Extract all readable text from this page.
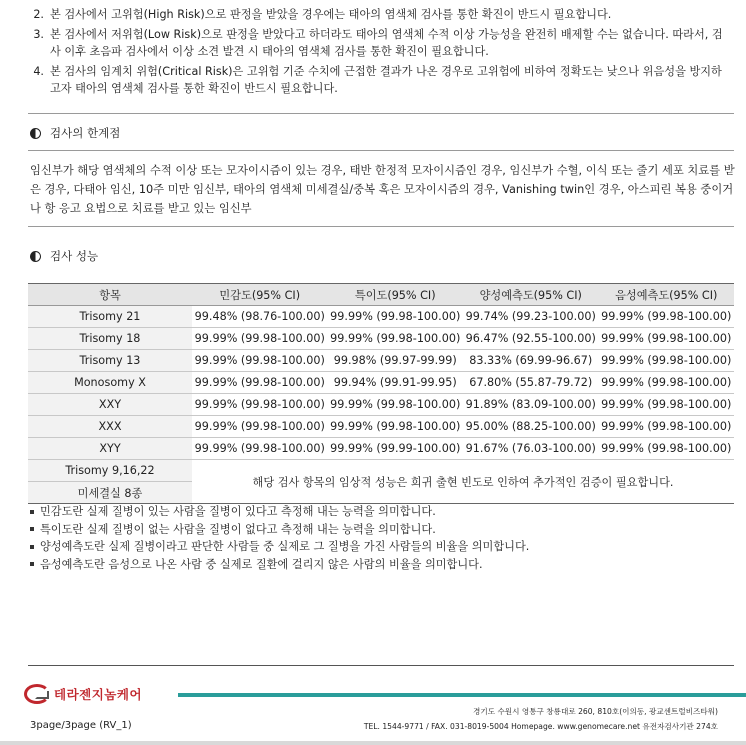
2. 본 검사에서 고위험(High Risk)으로 판정을 받았을 경우에는 태아의 염색체 검사를 통한 확진이 반드시 필요합니다.
3. 본 검사에서 저위험(Low Risk)으로 판정을 받았다고 하더라도 태아의 염색체 수적 이상 가능성을 완전히 배제할 수는 없습니다. 따라서, 검사 이후 초음파 검사에서 이상 소견 발견 시 태아의 염색체 검사를 통한 확진이 필요합니다.
4. 본 검사의 임계치 위험(Critical Risk)은 고위험 기준 수치에 근접한 결과가 나온 경우로 고위험에 비하여 정확도는 낮으나 위음성을 방지하고자 태아의 염색체 검사를 통한 확진이 반드시 필요합니다.
검사의 한계점
임신부가 해당 염색체의 수적 이상 또는 모자이시즘이 있는 경우, 태반 한정적 모자이시즘인 경우, 임신부가 수혈, 이식 또는 줄기 세포 치료를 받은 경우, 다태아 임신, 10주 미만 임신부, 태아의 염색체 미세결실/중복 혹은 모자이시즘의 경우, Vanishing twin인 경우, 아스피린 복용 중이거나 항 응고 요법으로 치료를 받고 있는 임신부
검사 성능
항목	민감도(95% CI)	특이도(95% CI)	양성예측도(95% CI)	음성예측도(95% CI)
Trisomy 21	99.48% (98.76-100.00)	99.99% (99.98-100.00)	99.74% (99.23-100.00)	99.99% (99.98-100.00)
Trisomy 18	99.99% (99.98-100.00)	99.99% (99.98-100.00)	96.47% (92.55-100.00)	99.99% (99.98-100.00)
Trisomy 13	99.99% (99.98-100.00)	99.98% (99.97-99.99)	83.33% (69.99-96.67)	99.99% (99.98-100.00)
Monosomy X	99.99% (99.98-100.00)	99.94% (99.91-99.95)	67.80% (55.87-79.72)	99.99% (99.98-100.00)
XXY	99.99% (99.98-100.00)	99.99% (99.98-100.00)	91.89% (83.09-100.00)	99.99% (99.98-100.00)
XXX	99.99% (99.98-100.00)	99.99% (99.98-100.00)	95.00% (88.25-100.00)	99.99% (99.98-100.00)
XYY	99.99% (99.98-100.00)	99.99% (99.99-100.00)	91.67% (76.03-100.00)	99.99% (99.98-100.00)
Trisomy 9,16,22	해당 검사 항목의 임상적 성능은 희귀 출현 빈도로 인하여 추가적인 검증이 필요합니다.			
미세결실 8종				
민감도란 실제 질병이 있는 사람을 질병이 있다고 측정해 내는 능력을 의미합니다.
특이도란 실제 질병이 없는 사람을 질병이 없다고 측정해 내는 능력을 의미합니다.
양성예측도란 실제 질병이라고 판단한 사람들 중 실제로 그 질병을 가진 사람들의 비율을 의미합니다.
음성예측도란 음성으로 나온 사람 중 실제로 질환에 걸리지 않은 사람의 비율을 의미합니다.
테라젠지놈케어
경기도 수원시 영통구 창룡대로 260, 810호(이의동, 광교센트럴비즈타워)
TEL. 1544-9771 / FAX. 031-8019-5004 Homepage. www.genomecare.net 유전자검사기관 274호
3page/3page (RV_1)
